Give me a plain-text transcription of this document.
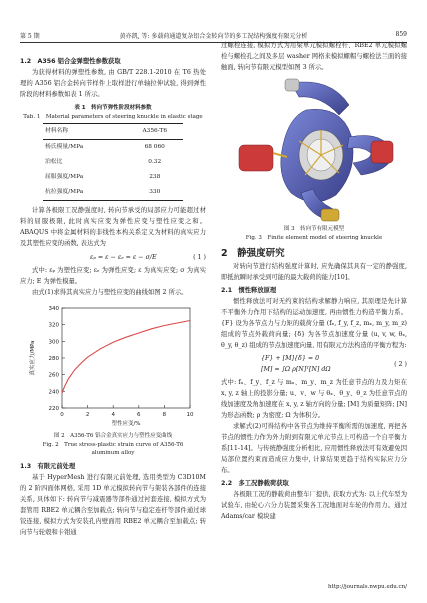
第 5 期	黄亦凯, 等: 多载荷通道复杂铝合金转向节的多工况结构强度有限元分析	859
1.2　A356 铝合金弹塑性参数获取

为获得材料的弹塑性参数, 由 GB/T 228.1-2010 在 T6 热处理的 A356 铝合金转向节样件上取样进行单轴拉伸试验, 得到弹性阶段的材料参数如表 1 所示。

表 1　转向节弹性阶段材料参数
Tab. 1　Material parameters of steering knuckle in elastic stage
材料名称	A356-T6
杨氏模量/MPa	68 060
泊松比	0.32
屈服强度/MPa	238
抗拉强度/MPa	330

计算各极限工况静强度时, 转向节承受的局部应力可能超过材料的屈服极限, 此时真实应变为弹性应变与塑性应变之和。ABAQUS 中将金属材料的非线性本构关系定义为材料的真实应力及其塑性应变的函数, 表达式为

εₚ = ε − εₑ = ε − σ/E	( 1 )

式中: εₚ 为塑性应变; εₑ 为弹性应变; ε 为真实应变; σ 为真实应力; E 为弹性模量。

由式(1)求得其真实应力与塑性应变的曲线如图 2 所示。

220
240
260
280
300
320
340
0	2	4	6	8	10
塑性应变/%
真实应力/MPa
图 2　A356-T6 铝合金真实应力与塑性应变曲线
Fig. 2　True stress-plastic strain curve of A356-T6
aluminum alloy
1.3　有限元前处理

基于 HyperMesh 进行有限元前处理, 选用类型为 C3D10M 的 2 阶四面体网格, 采用 1D 单元模拟转向节与架装各部件的连接关系, 具体如下: 转向节与减震器等部件通过衬套连接, 模拟方式为套管用 RBE2 单元耦合至加载点; 转向节与稳定连杆等部件通过球铰连接, 模拟方式为安装孔内壁面用 RBE2 单元耦合至加载点; 转向节与轮毂和卡钳通

过螺栓连接, 模拟方式为用梁单元模拟螺栓杆、RBE2 单元模拟螺栓与螺栓孔之间及多层 washer 网格来模拟螺帽与螺栓法兰面的接触面, 转向节有限元模型如图 3 所示。

图 3　转向节有限元模型
Fig. 3　Finite element model of steering knuckle
2　静强度研究

对转向节进行结构强度计算时, 应先确保其具有一定的静强度, 即抵抗瞬时承受到可能的最大载荷的能力[10]。

2.1　惯性释放原理

惯性释放法可对无约束的结构求解静力响应, 其原理是先计算不平衡外力作用下结构的运动加速度, 再由惯性力构造平衡力系。{F} 设为各节点力与力矩的载荷分量 (fₓ, f_y, f_z, mₓ, m_y, m_z) 组成的节点外载荷向量; {δ} 为各节点加速度分量 (u, v, w, θₓ, θ_y, θ_z) 组成的节点加速度向量, 用有限元方法构造的平衡方程为:

{F} + [M]{δ̈} = 0
[M] = ∫Ω ρ[N]ᵀ[N] dΩ
( 2 )

式中: fₓ、f_y、f_z 与 mₓ、m_y、m_z 为任意节点的力及力矩在 x, y, z 轴上的投影分量; u、v、w 与 θₓ、θ_y、θ_z 为任意节点的线加速度及角加速度在 x, y, z 轴方向的分量; [M] 为质量矩阵; [N] 为形态函数; ρ 为密度; Ω 为体积分。

求解式(2)可得结构中各节点为维持平衡所需的加速度, 再把各节点的惯性力作为外力附到有限元单元节点上可构造一个自平衡力系[11-14]。与传统静强度分析相比, 应用惯性释放法可有效避免因局部位置约束而造成应力集中, 计算结果更趋于结构实际应力分布。

2.2　多工况静载荷获取

各极限工况的静载荷由整车厂提供, 获取方式为: 以上代车型为试验车, 由轮心六分力装置采集各工况地面对车轮的作用力。通过 Adams/car 模块建

http://journals.nwpu.edu.cn/
